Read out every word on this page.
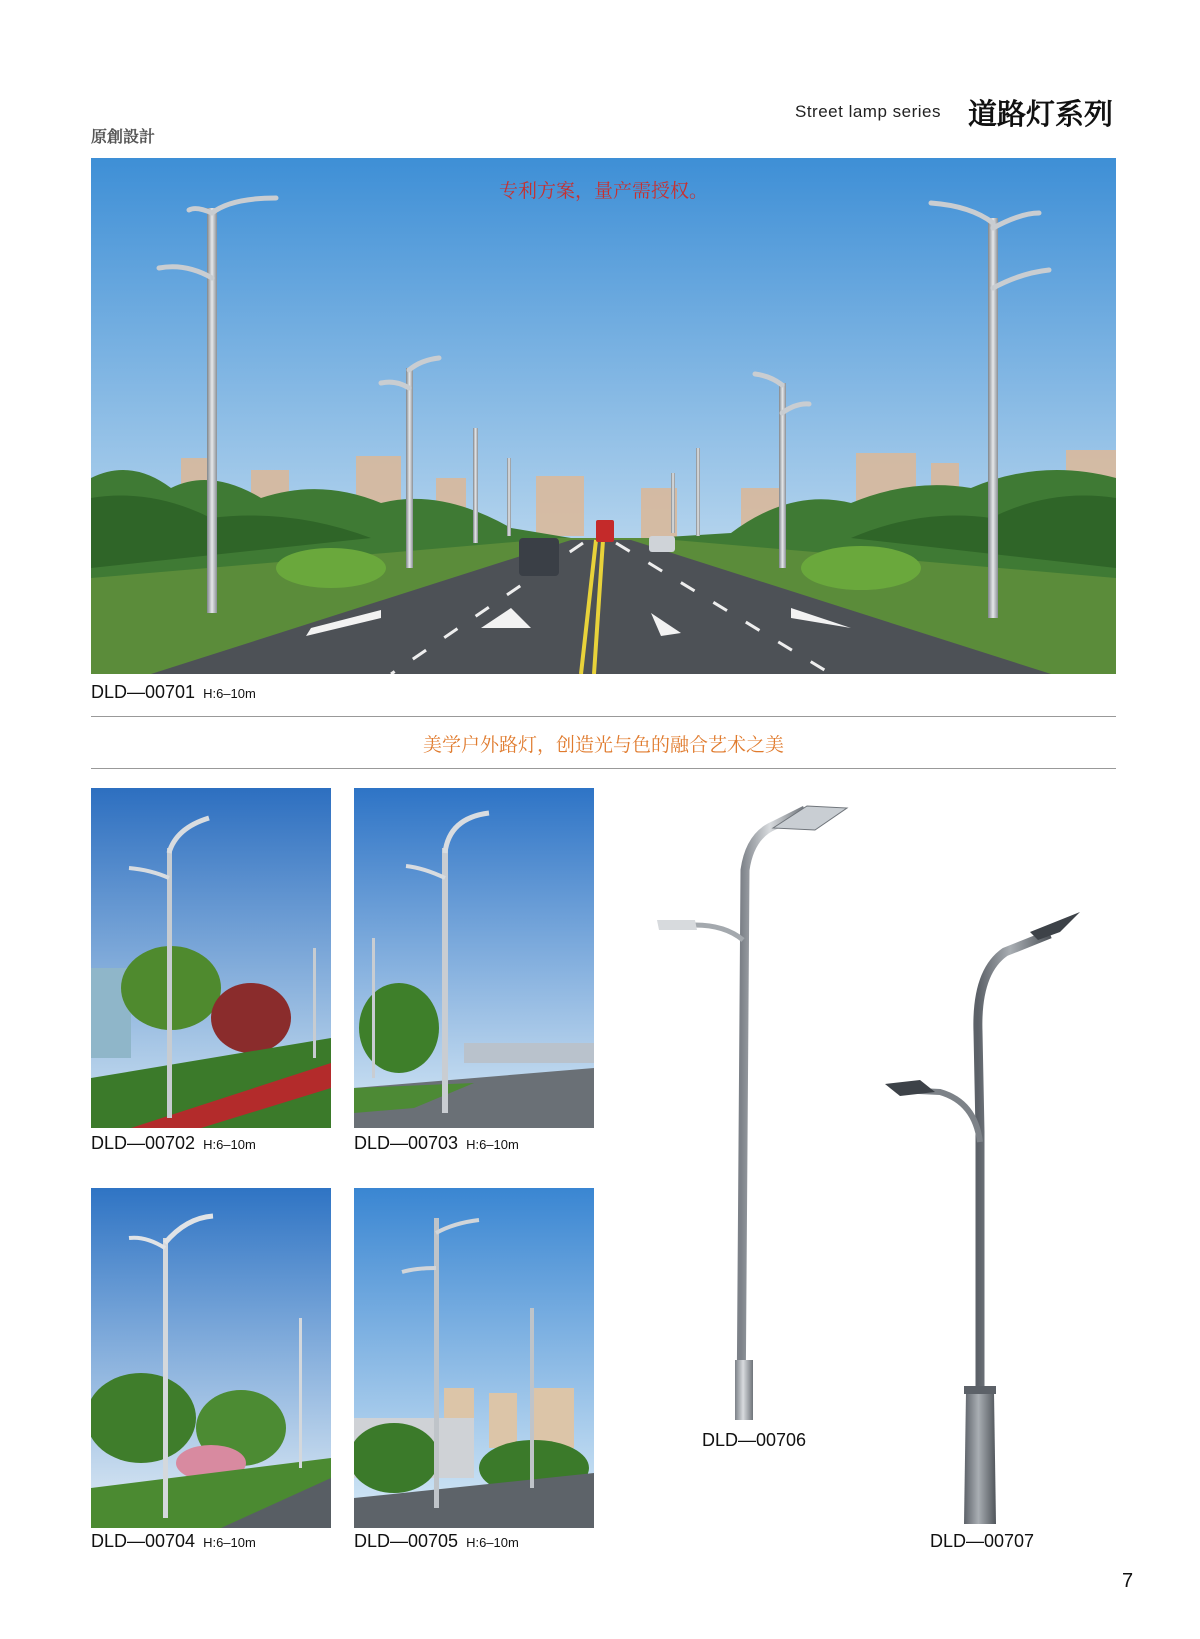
原創設計
Street lamp series 道路灯系列
专利方案，量产需授权。
DLD—00701 H:6–10m
美学户外路灯，创造光与色的融合艺术之美
DLD—00702 H:6–10m	DLD—00703 H:6–10m
DLD—00704 H:6–10m	DLD—00705 H:6–10m
DLD—00706
DLD—00707
7
